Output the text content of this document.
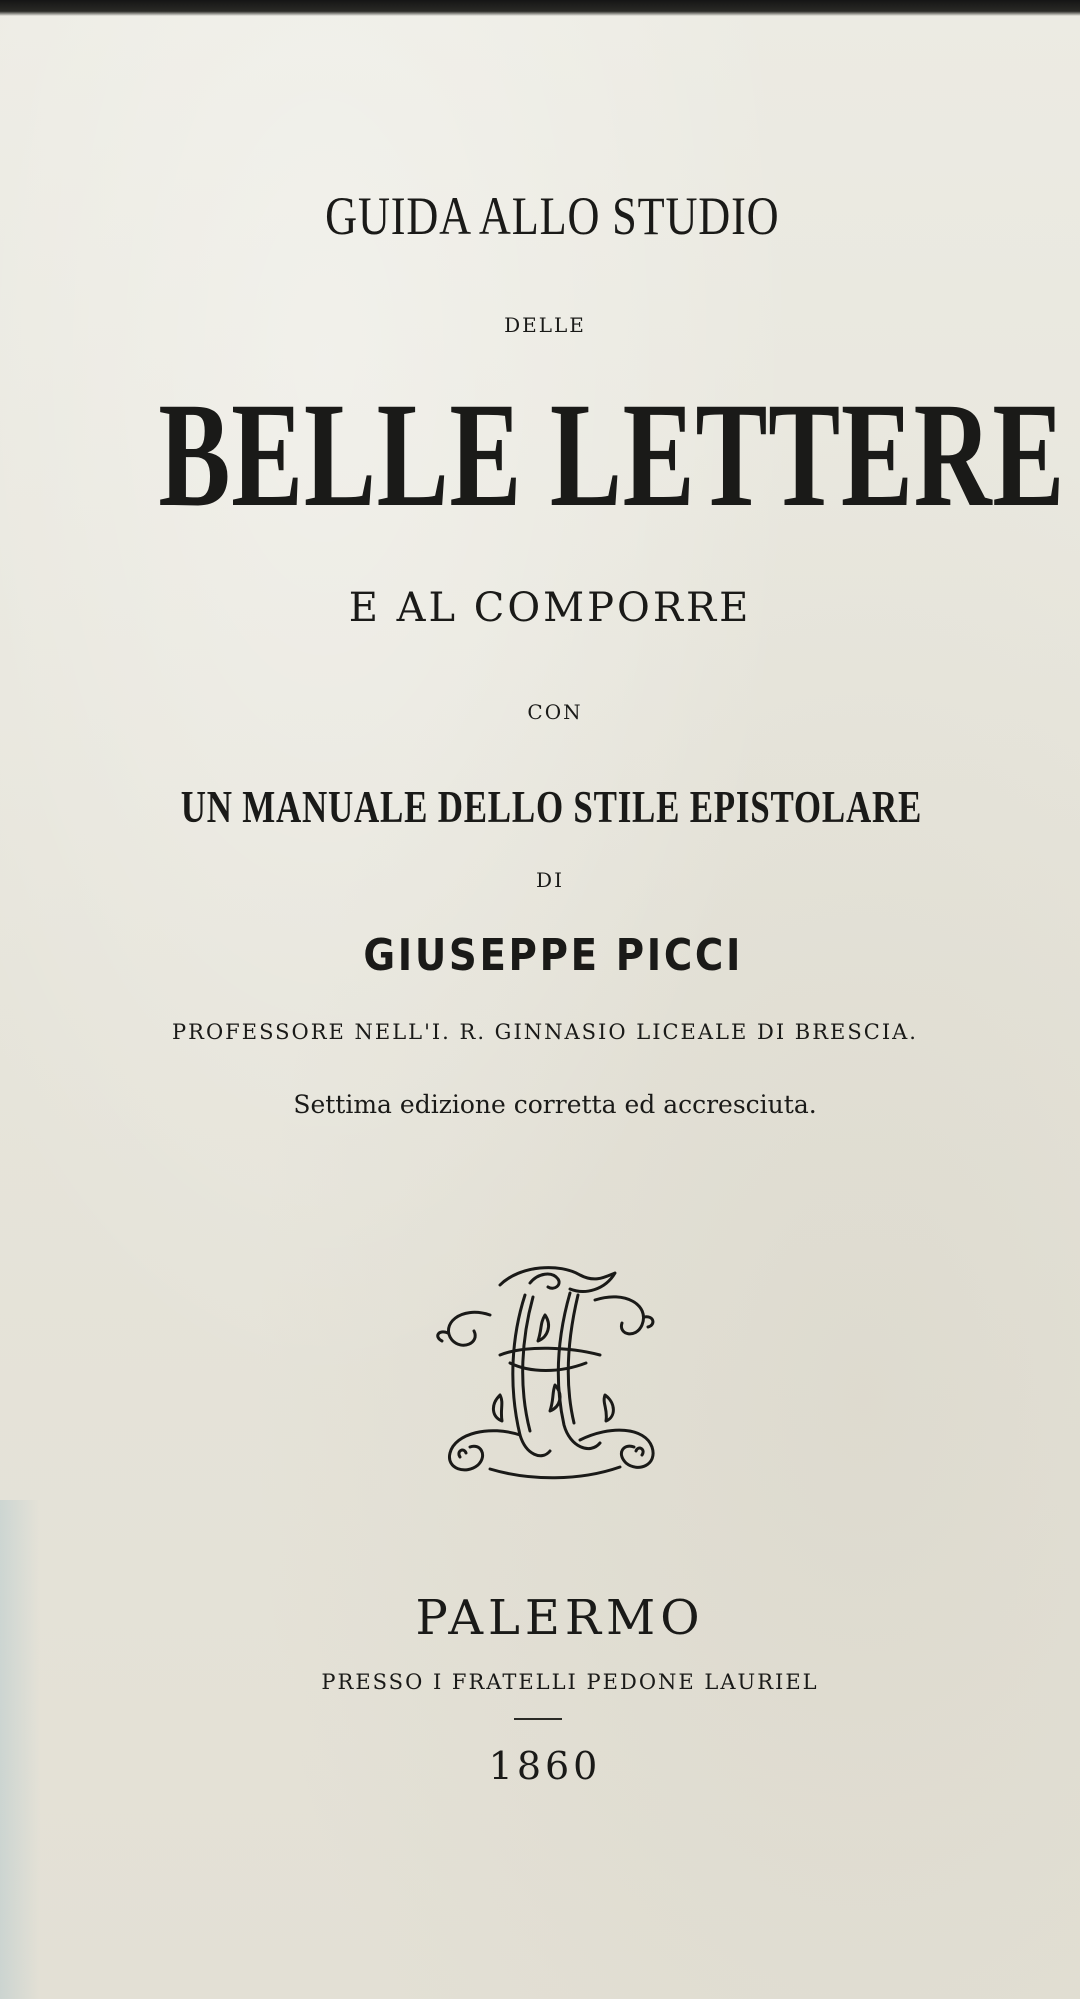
GUIDA ALLO STUDIO

DELLE

BELLE LETTERE

E AL COMPORRE

CON

UN MANUALE DELLO STILE EPISTOLARE

DI

GIUSEPPE PICCI

PROFESSORE NELL'I. R. GINNASIO LICEALE DI BRESCIA.

Settima edizione corretta ed accresciuta.

PALERMO

PRESSO I FRATELLI PEDONE LAURIEL

1860
